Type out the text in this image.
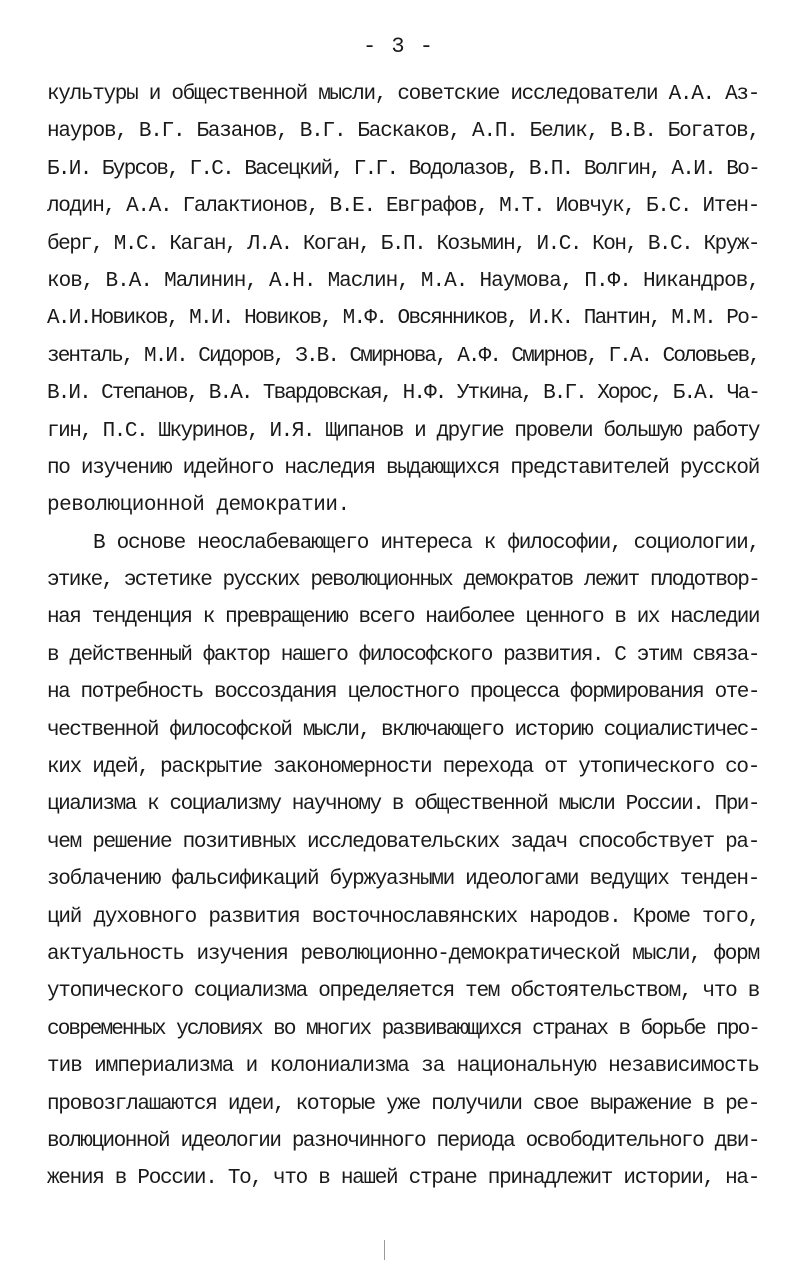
- 3 -
культуры и общественной мысли, советские исследователи А.А. Аз-
науров, В.Г. Базанов, В.Г. Баскаков, А.П. Белик, В.В. Богатов,
Б.И. Бурсов, Г.С. Васецкий, Г.Г. Водолазов, В.П. Волгин, А.И. Во-
лодин, А.А. Галактионов, В.Е. Евграфов, М.Т. Иовчук, Б.С. Итен-
берг, М.С. Каган, Л.А. Коган, Б.П. Козьмин, И.С. Кон, В.С. Круж-
ков, В.А. Малинин, А.Н. Маслин, М.А. Наумова, П.Ф. Никандров,
А.И.Новиков, М.И. Новиков, М.Ф. Овсянников, И.К. Пантин, М.М. Ро-
зенталь, М.И. Сидоров, З.В. Смирнова, А.Ф. Смирнов, Г.А. Соловьев,
В.И. Степанов, В.А. Твардовская, Н.Ф. Уткина, В.Г. Хорос, Б.А. Ча-
гин, П.С. Шкуринов, И.Я. Щипанов и другие провели большую работу
по изучению идейного наследия выдающихся представителей русской
революционной демократии.
В основе неослабевающего интереса к философии, социологии,
этике, эстетике русских революционных демократов лежит плодотвор-
ная тенденция к превращению всего наиболее ценного в их наследии
в действенный фактор нашего философского развития. С этим связа-
на потребность воссоздания целостного процесса формирования оте-
чественной философской мысли, включающего историю социалистичес-
ких идей, раскрытие закономерности перехода от утопического со-
циализма к социализму научному в общественной мысли России. При-
чем решение позитивных исследовательских задач способствует ра-
зоблачению фальсификаций буржуазными идеологами ведущих тенден-
ций духовного развития восточнославянских народов. Кроме того,
актуальность изучения революционно-демократической мысли, форм
утопического социализма определяется тем обстоятельством, что в
современных условиях во многих развивающихся странах в борьбе про-
тив империализма и колониализма за национальную независимость
провозглашаются идеи, которые уже получили свое выражение в ре-
волюционной идеологии разночинного периода освободительного дви-
жения в России. То, что в нашей стране принадлежит истории, на-
